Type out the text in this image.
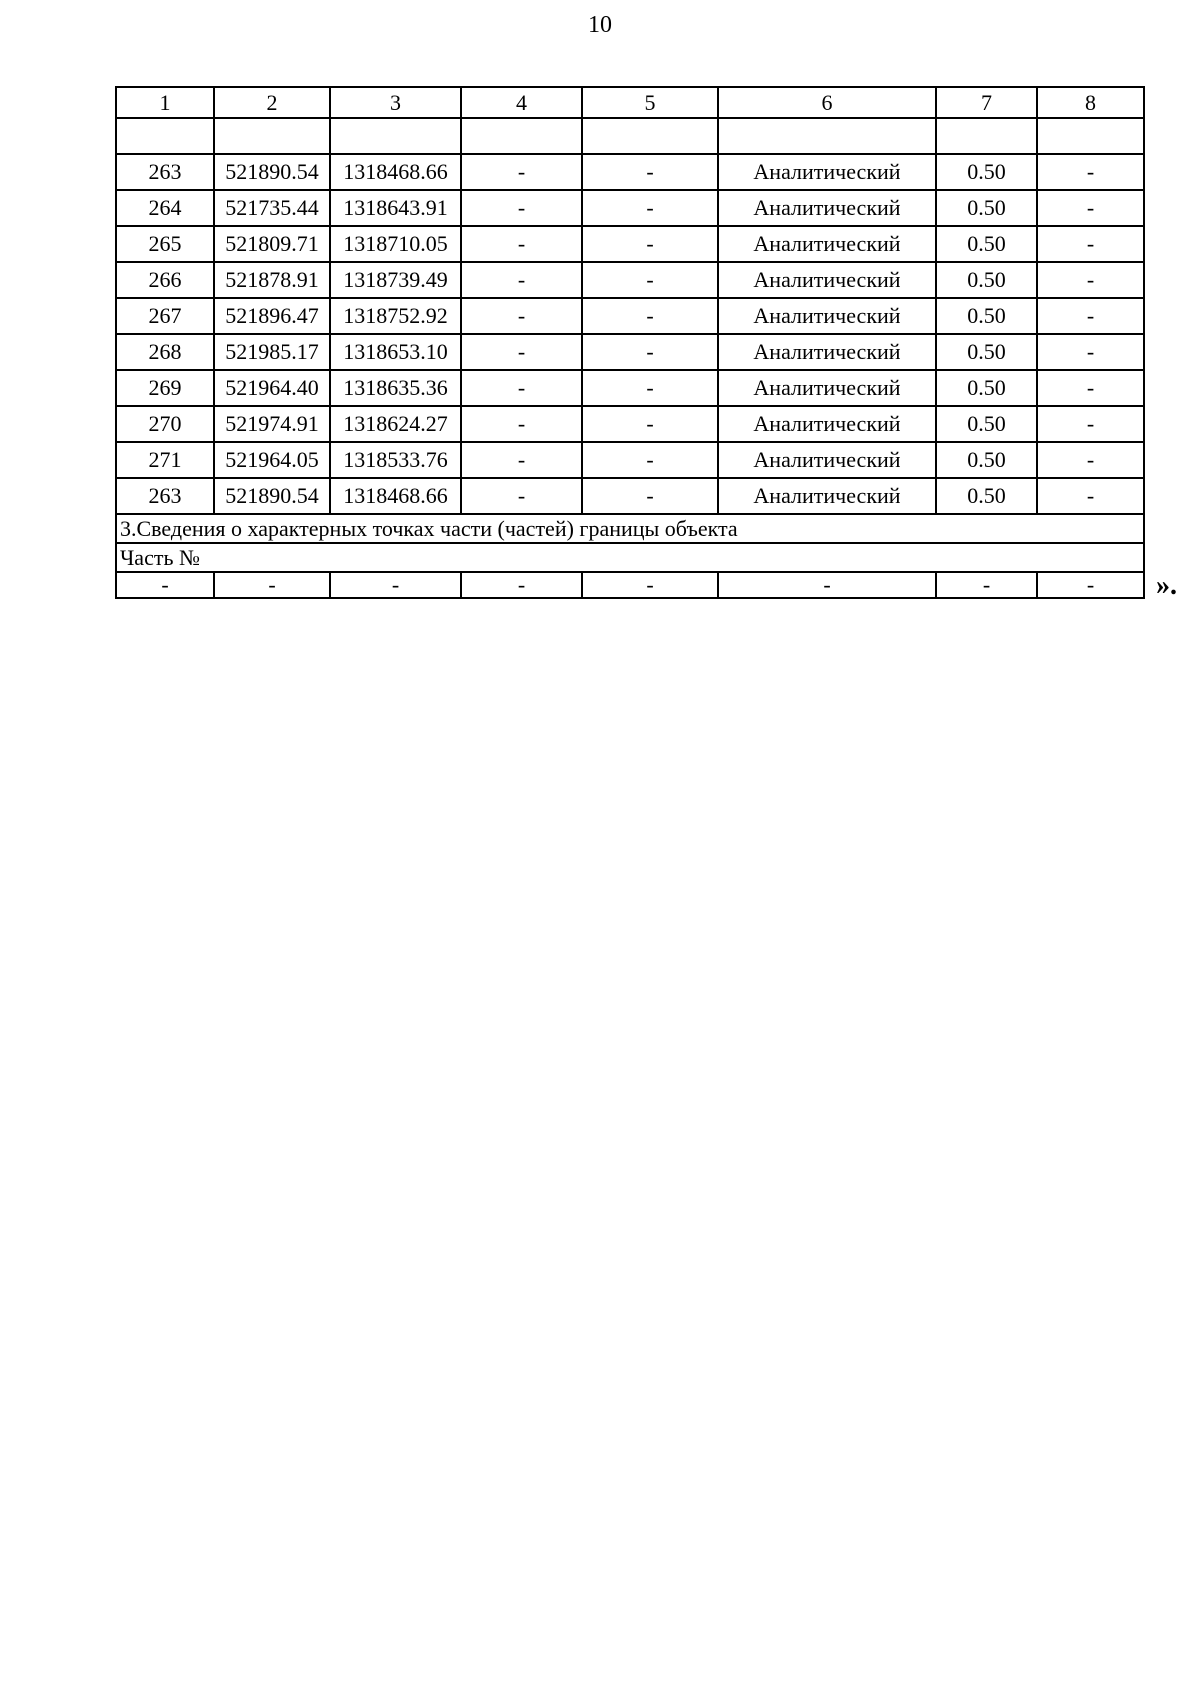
10
1	2	3	4	5	6	7	8

263	521890.54	1318468.66	-	-	Аналитический	0.50	-
264	521735.44	1318643.91	-	-	Аналитический	0.50	-
265	521809.71	1318710.05	-	-	Аналитический	0.50	-
266	521878.91	1318739.49	-	-	Аналитический	0.50	-
267	521896.47	1318752.92	-	-	Аналитический	0.50	-
268	521985.17	1318653.10	-	-	Аналитический	0.50	-
269	521964.40	1318635.36	-	-	Аналитический	0.50	-
270	521974.91	1318624.27	-	-	Аналитический	0.50	-
271	521964.05	1318533.76	-	-	Аналитический	0.50	-
263	521890.54	1318468.66	-	-	Аналитический	0.50	-
3.Сведения о характерных точках части (частей) границы объекта							
Часть №							
-	-	-	-	-	-	-	- ».
